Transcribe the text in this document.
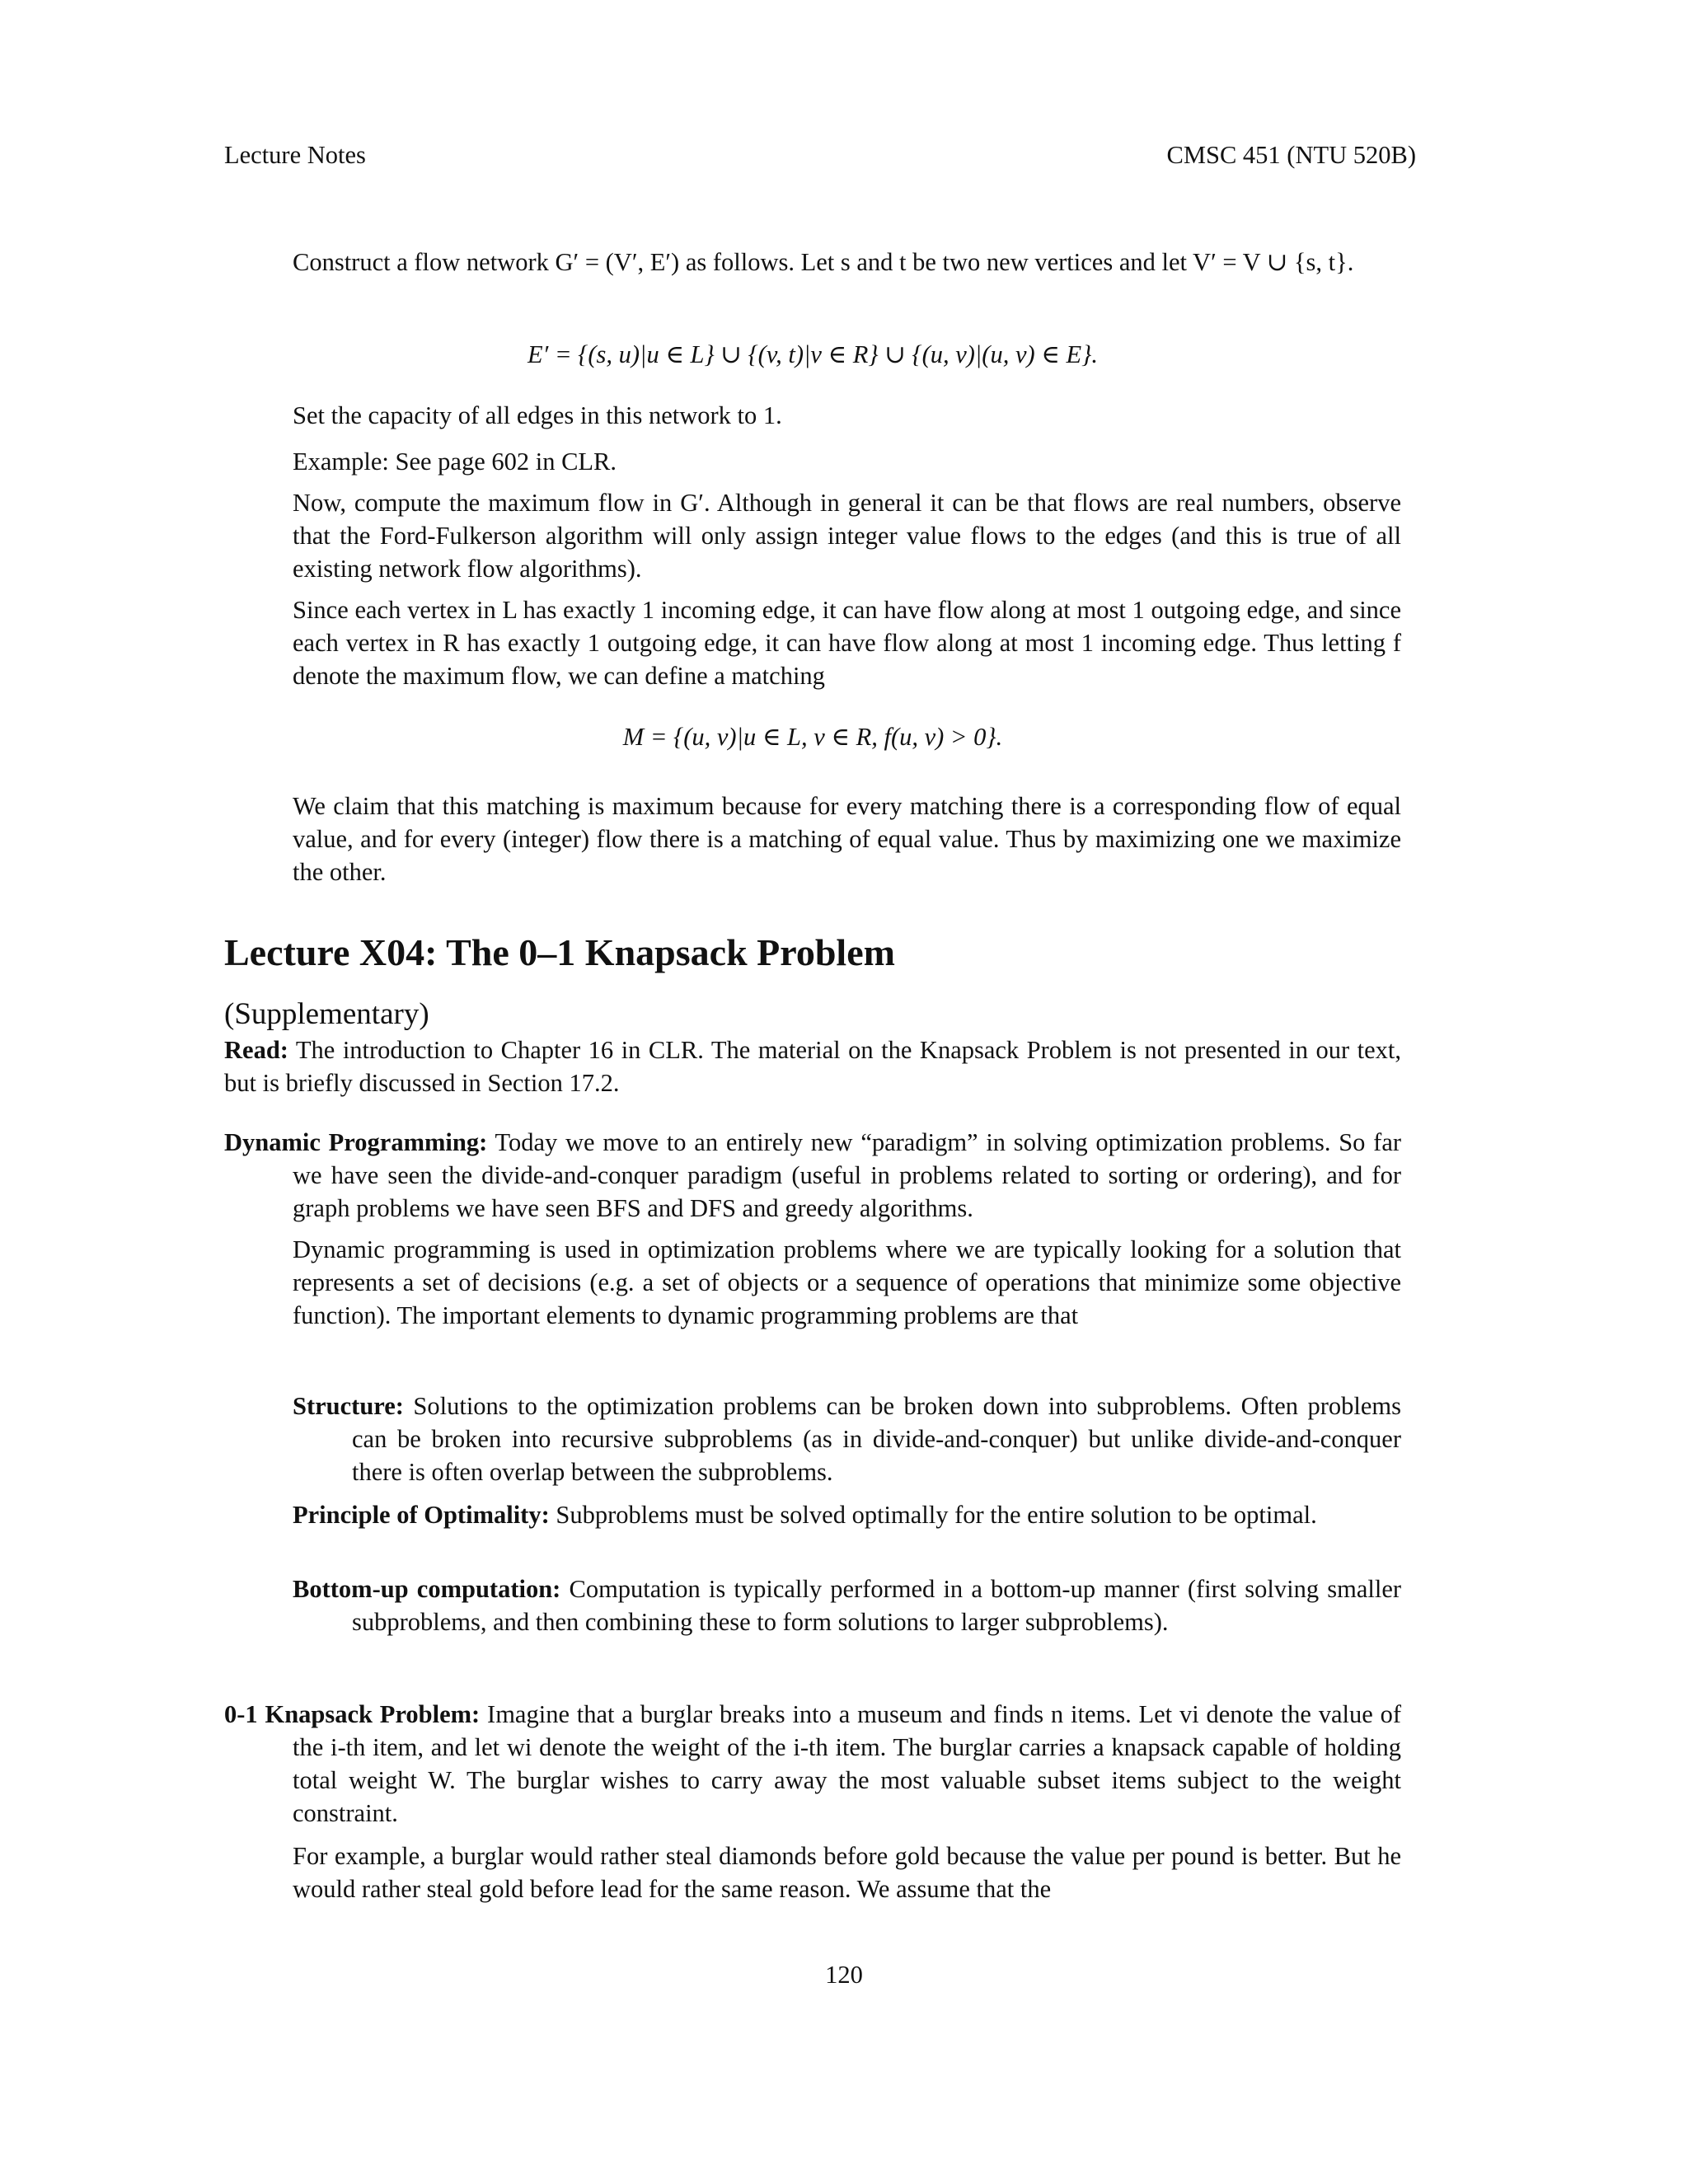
Lecture Notes	CMSC 451 (NTU 520B)
Construct a flow network G′ = (V′, E′) as follows. Let s and t be two new vertices and let V′ = V ∪ {s, t}.
E′ = {(s, u)|u ∈ L} ∪ {(v, t)|v ∈ R} ∪ {(u, v)|(u, v) ∈ E}.
Set the capacity of all edges in this network to 1.
Example: See page 602 in CLR.
Now, compute the maximum flow in G′. Although in general it can be that flows are real numbers, observe that the Ford-Fulkerson algorithm will only assign integer value flows to the edges (and this is true of all existing network flow algorithms).
Since each vertex in L has exactly 1 incoming edge, it can have flow along at most 1 outgoing edge, and since each vertex in R has exactly 1 outgoing edge, it can have flow along at most 1 incoming edge. Thus letting f denote the maximum flow, we can define a matching
M = {(u, v)|u ∈ L, v ∈ R, f(u, v) > 0}.
We claim that this matching is maximum because for every matching there is a corresponding flow of equal value, and for every (integer) flow there is a matching of equal value. Thus by maximizing one we maximize the other.
Lecture X04: The 0–1 Knapsack Problem
(Supplementary)
Read: The introduction to Chapter 16 in CLR. The material on the Knapsack Problem is not presented in our text, but is briefly discussed in Section 17.2.
Dynamic Programming: Today we move to an entirely new “paradigm” in solving optimization problems. So far we have seen the divide-and-conquer paradigm (useful in problems related to sorting or ordering), and for graph problems we have seen BFS and DFS and greedy algorithms.
Dynamic programming is used in optimization problems where we are typically looking for a solution that represents a set of decisions (e.g. a set of objects or a sequence of operations that minimize some objective function). The important elements to dynamic programming problems are that
Structure: Solutions to the optimization problems can be broken down into subproblems. Often problems can be broken into recursive subproblems (as in divide-and-conquer) but unlike divide-and-conquer there is often overlap between the subproblems.
Principle of Optimality: Subproblems must be solved optimally for the entire solution to be optimal.
Bottom-up computation: Computation is typically performed in a bottom-up manner (first solving smaller subproblems, and then combining these to form solutions to larger subproblems).
0-1 Knapsack Problem: Imagine that a burglar breaks into a museum and finds n items. Let vi denote the value of the i-th item, and let wi denote the weight of the i-th item. The burglar carries a knapsack capable of holding total weight W. The burglar wishes to carry away the most valuable subset items subject to the weight constraint.
For example, a burglar would rather steal diamonds before gold because the value per pound is better. But he would rather steal gold before lead for the same reason. We assume that the
120
